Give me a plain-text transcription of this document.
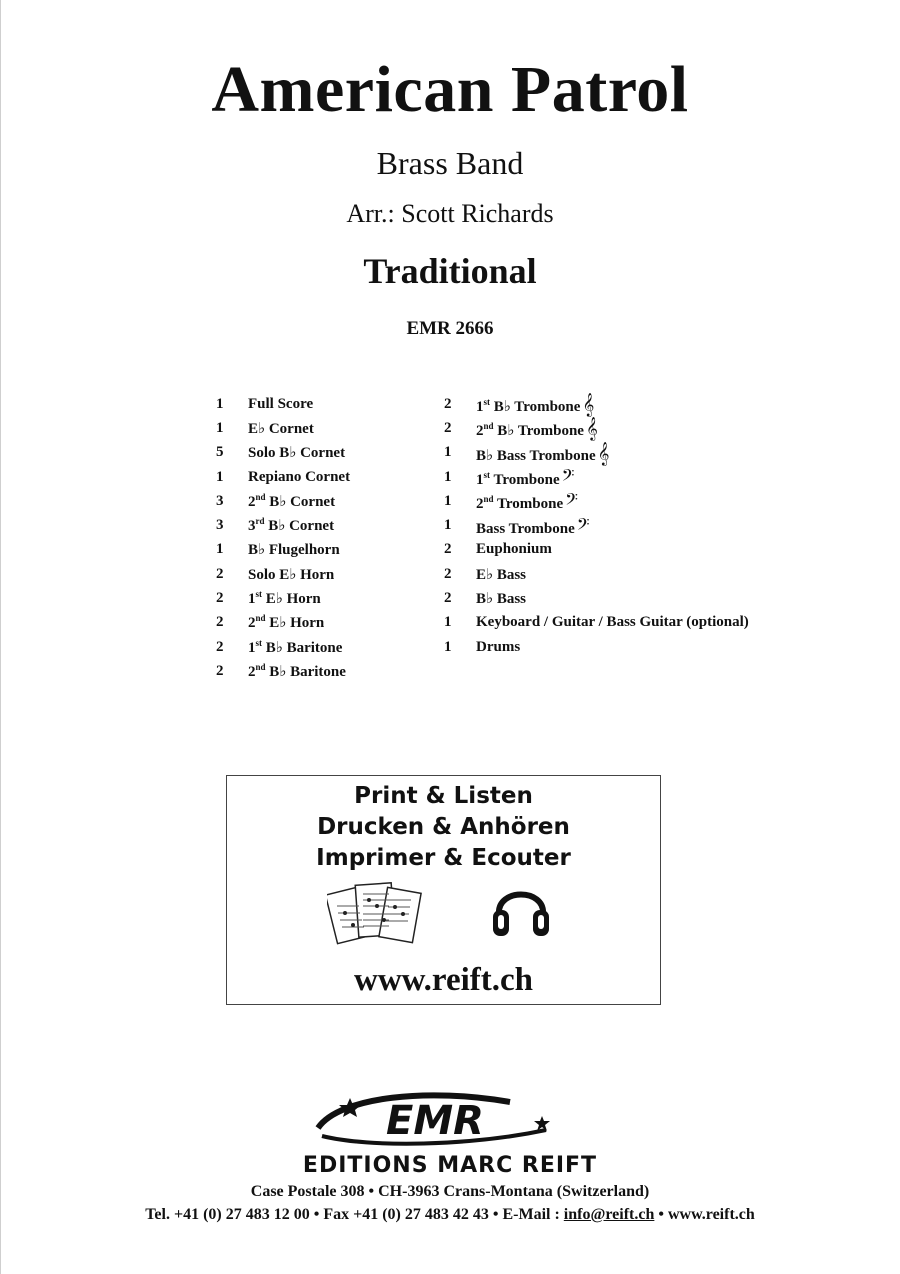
American Patrol
Brass Band
Arr.: Scott Richards
Traditional
EMR 2666
1	Full Score
1	E♭ Cornet
5	Solo B♭ Cornet
1	Repiano Cornet
3	2nd B♭ Cornet
3	3rd B♭ Cornet
1	B♭ Flugelhorn
2	Solo E♭ Horn
2	1st E♭ Horn
2	2nd E♭ Horn
2	1st B♭ Baritone
2	2nd B♭ Baritone
2	1st B♭ Trombone 𝄞
2	2nd B♭ Trombone 𝄞
1	B♭ Bass Trombone 𝄞
1	1st Trombone 𝄢
1	2nd Trombone 𝄢
1	Bass Trombone 𝄢
2	Euphonium
2	E♭ Bass
2	B♭ Bass
1	Keyboard / Guitar / Bass Guitar (optional)
1	Drums
Print & Listen
Drucken & Anhören
Imprimer & Ecouter
www.reift.ch
EMR
EDITIONS MARC REIFT
Case Postale 308 • CH-3963 Crans-Montana (Switzerland)
Tel. +41 (0) 27 483 12 00 • Fax +41 (0) 27 483 42 43 • E-Mail : info@reift.ch • www.reift.ch
